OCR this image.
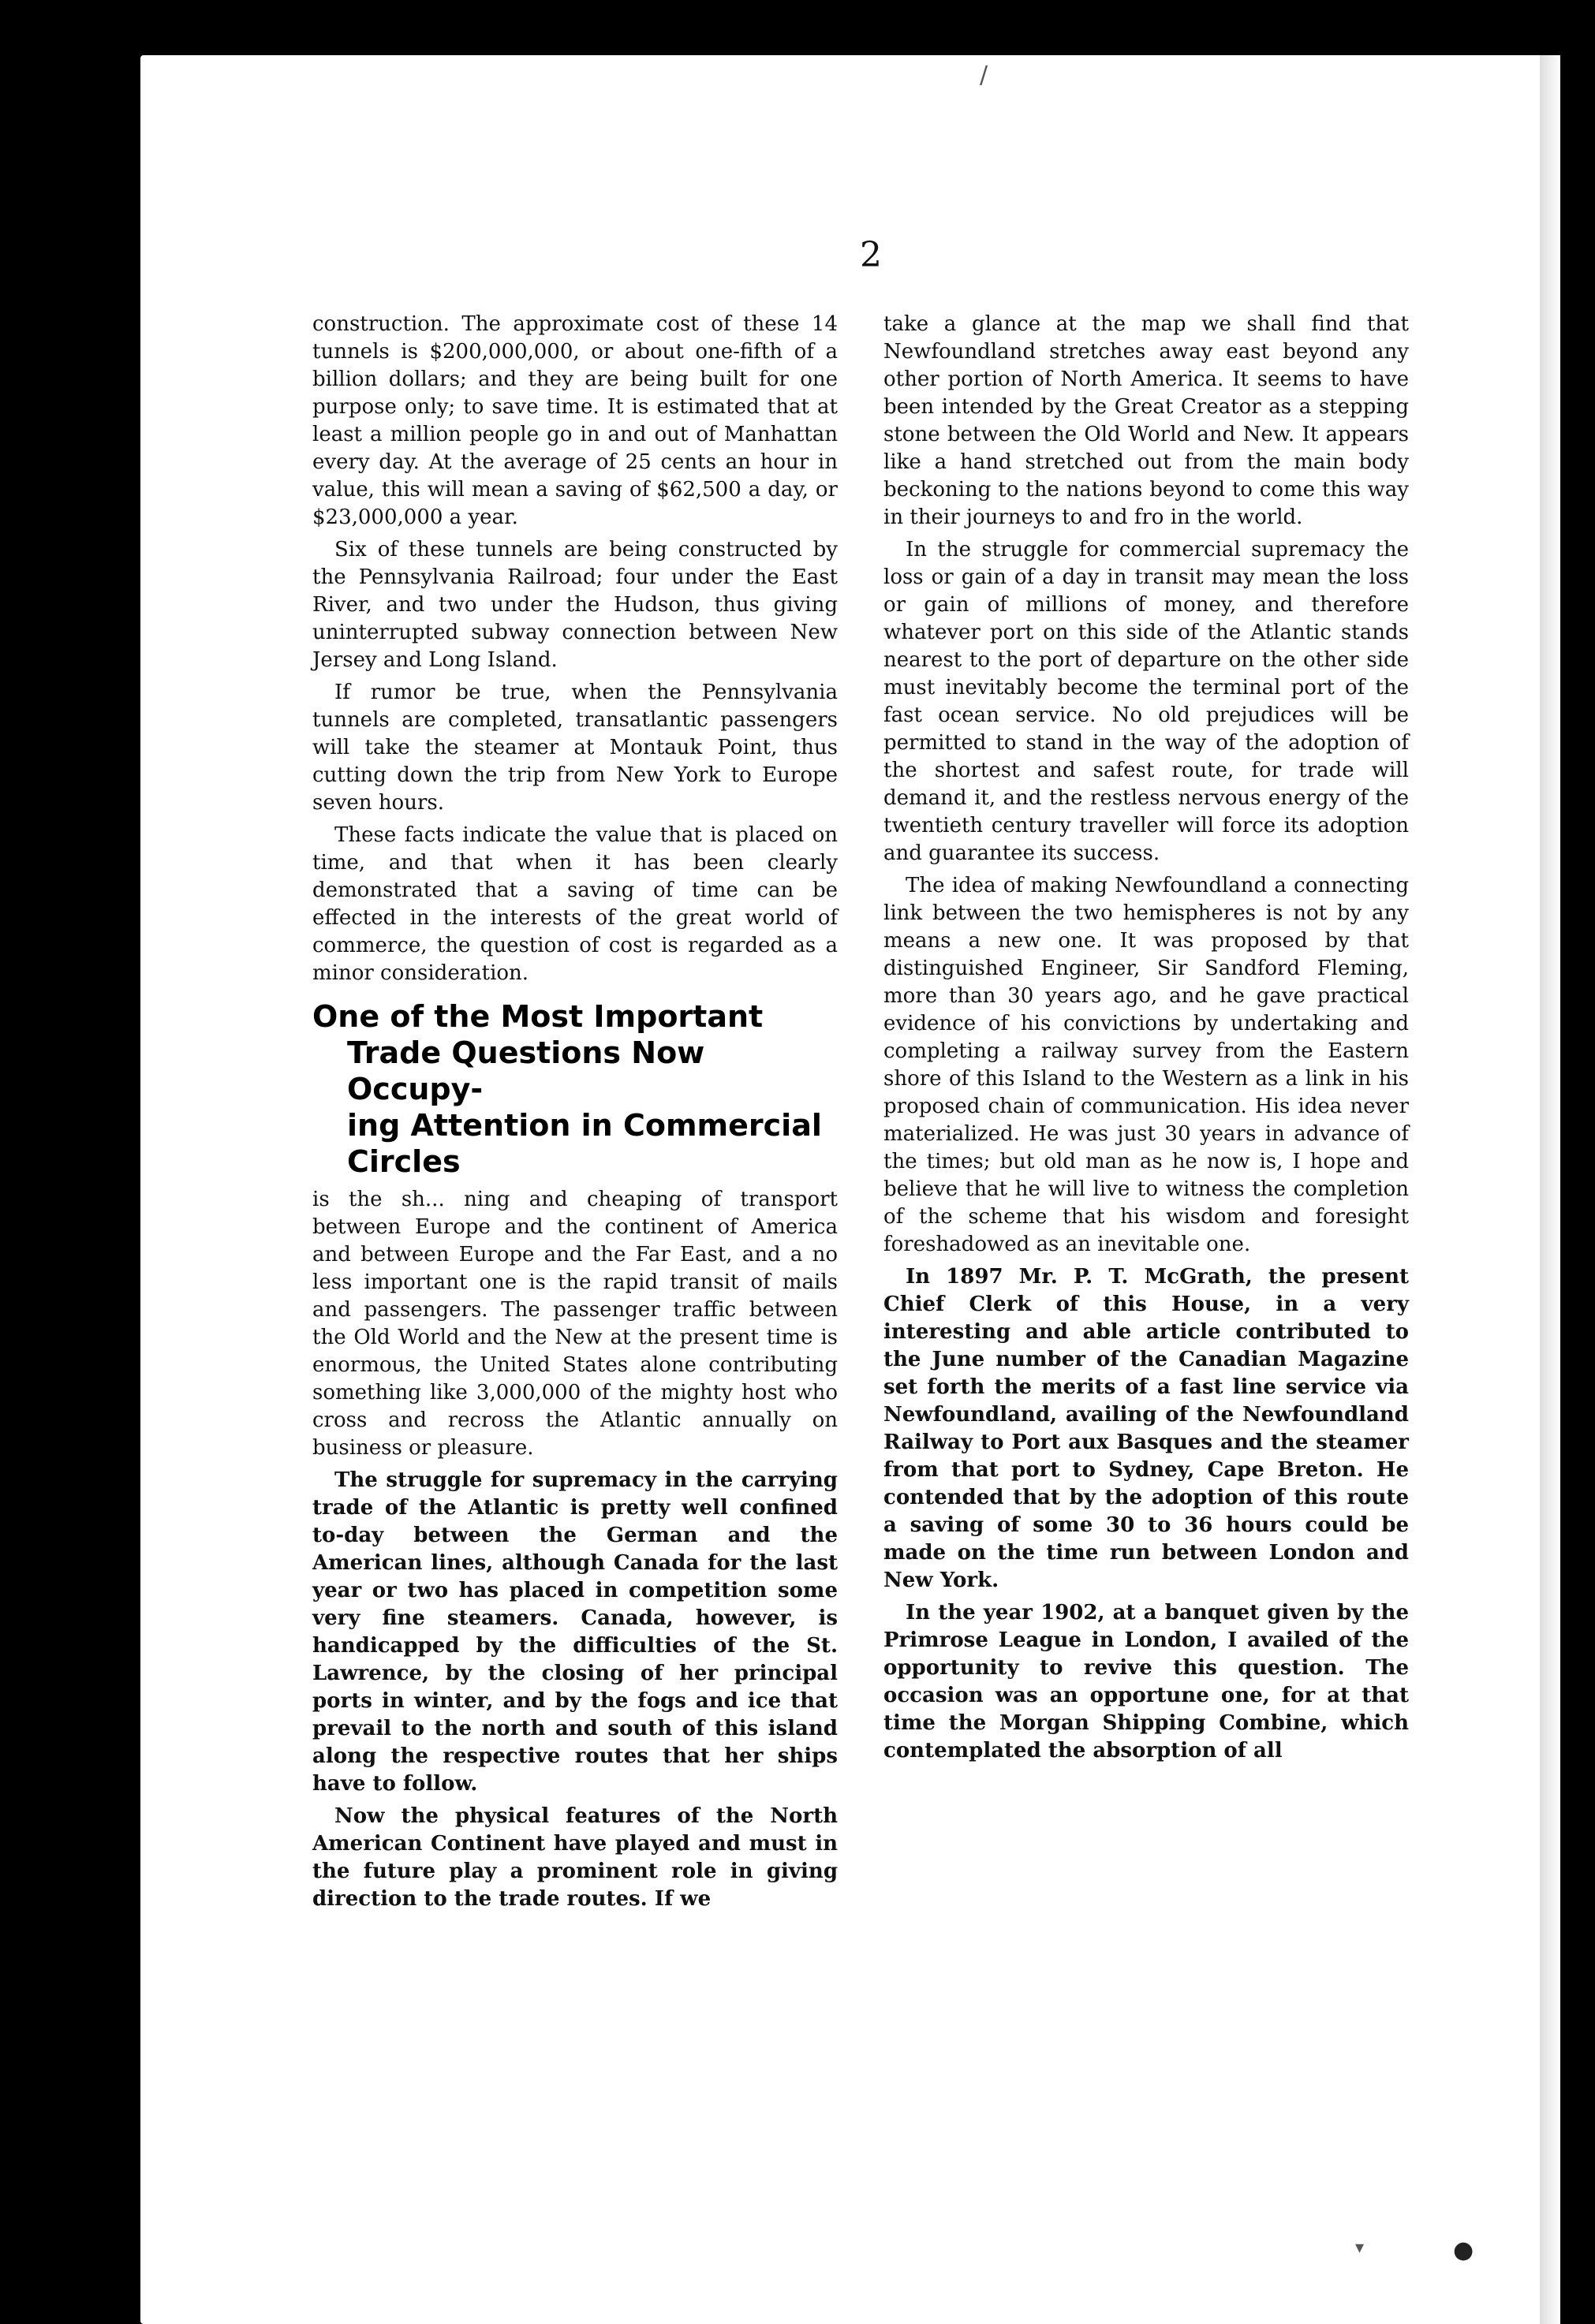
/
▾	●
2

construction. The approximate cost of these 14 tunnels is $200,000,000, or about one-fifth of a billion dollars; and they are being built for one purpose only; to save time. It is estimated that at least a million people go in and out of Manhattan every day. At the average of 25 cents an hour in value, this will mean a saving of $62,500 a day, or $23,000,000 a year.

Six of these tunnels are being constructed by the Pennsylvania Railroad; four under the East River, and two under the Hudson, thus giving uninterrupted subway connection between New Jersey and Long Island.

If rumor be true, when the Pennsylvania tunnels are completed, transatlantic passengers will take the steamer at Montauk Point, thus cutting down the trip from New York to Europe seven hours.

These facts indicate the value that is placed on time, and that when it has been clearly demonstrated that a saving of time can be effected in the interests of the great world of commerce, the question of cost is regarded as a minor consideration.

One of the Most Important
Trade Questions Now Occupy-
ing Attention in Commercial
Circles

is the sh... ning and cheaping of transport between Europe and the continent of America and between Europe and the Far East, and a no less important one is the rapid transit of mails and passengers. The passenger traffic between the Old World and the New at the present time is enormous, the United States alone contributing something like 3,000,000 of the mighty host who cross and recross the Atlantic annually on business or pleasure.

The struggle for supremacy in the carrying trade of the Atlantic is pretty well confined to-day between the German and the American lines, although Canada for the last year or two has placed in competition some very fine steamers. Canada, however, is handicapped by the difficulties of the St. Lawrence, by the closing of her principal ports in winter, and by the fogs and ice that prevail to the north and south of this island along the respective routes that her ships have to follow.

Now the physical features of the North American Continent have played and must in the future play a prominent role in giving direction to the trade routes. If we

take a glance at the map we shall find that Newfoundland stretches away east beyond any other portion of North America. It seems to have been intended by the Great Creator as a stepping stone between the Old World and New. It appears like a hand stretched out from the main body beckoning to the nations beyond to come this way in their journeys to and fro in the world.

In the struggle for commercial supremacy the loss or gain of a day in transit may mean the loss or gain of millions of money, and therefore whatever port on this side of the Atlantic stands nearest to the port of departure on the other side must inevitably become the terminal port of the fast ocean service. No old prejudices will be permitted to stand in the way of the adoption of the shortest and safest route, for trade will demand it, and the restless nervous energy of the twentieth century traveller will force its adoption and guarantee its success.

The idea of making Newfoundland a connecting link between the two hemispheres is not by any means a new one. It was proposed by that distinguished Engineer, Sir Sandford Fleming, more than 30 years ago, and he gave practical evidence of his convictions by undertaking and completing a railway survey from the Eastern shore of this Island to the Western as a link in his proposed chain of communication. His idea never materialized. He was just 30 years in advance of the times; but old man as he now is, I hope and believe that he will live to witness the completion of the scheme that his wisdom and foresight foreshadowed as an inevitable one.

In 1897 Mr. P. T. McGrath, the present Chief Clerk of this House, in a very interesting and able article contributed to the June number of the Canadian Magazine set forth the merits of a fast line service via Newfoundland, availing of the Newfoundland Railway to Port aux Basques and the steamer from that port to Sydney, Cape Breton. He contended that by the adoption of this route a saving of some 30 to 36 hours could be made on the time run between London and New York.

In the year 1902, at a banquet given by the Primrose League in London, I availed of the opportunity to revive this question. The occasion was an opportune one, for at that time the Morgan Shipping Combine, which contemplated the absorption of all
